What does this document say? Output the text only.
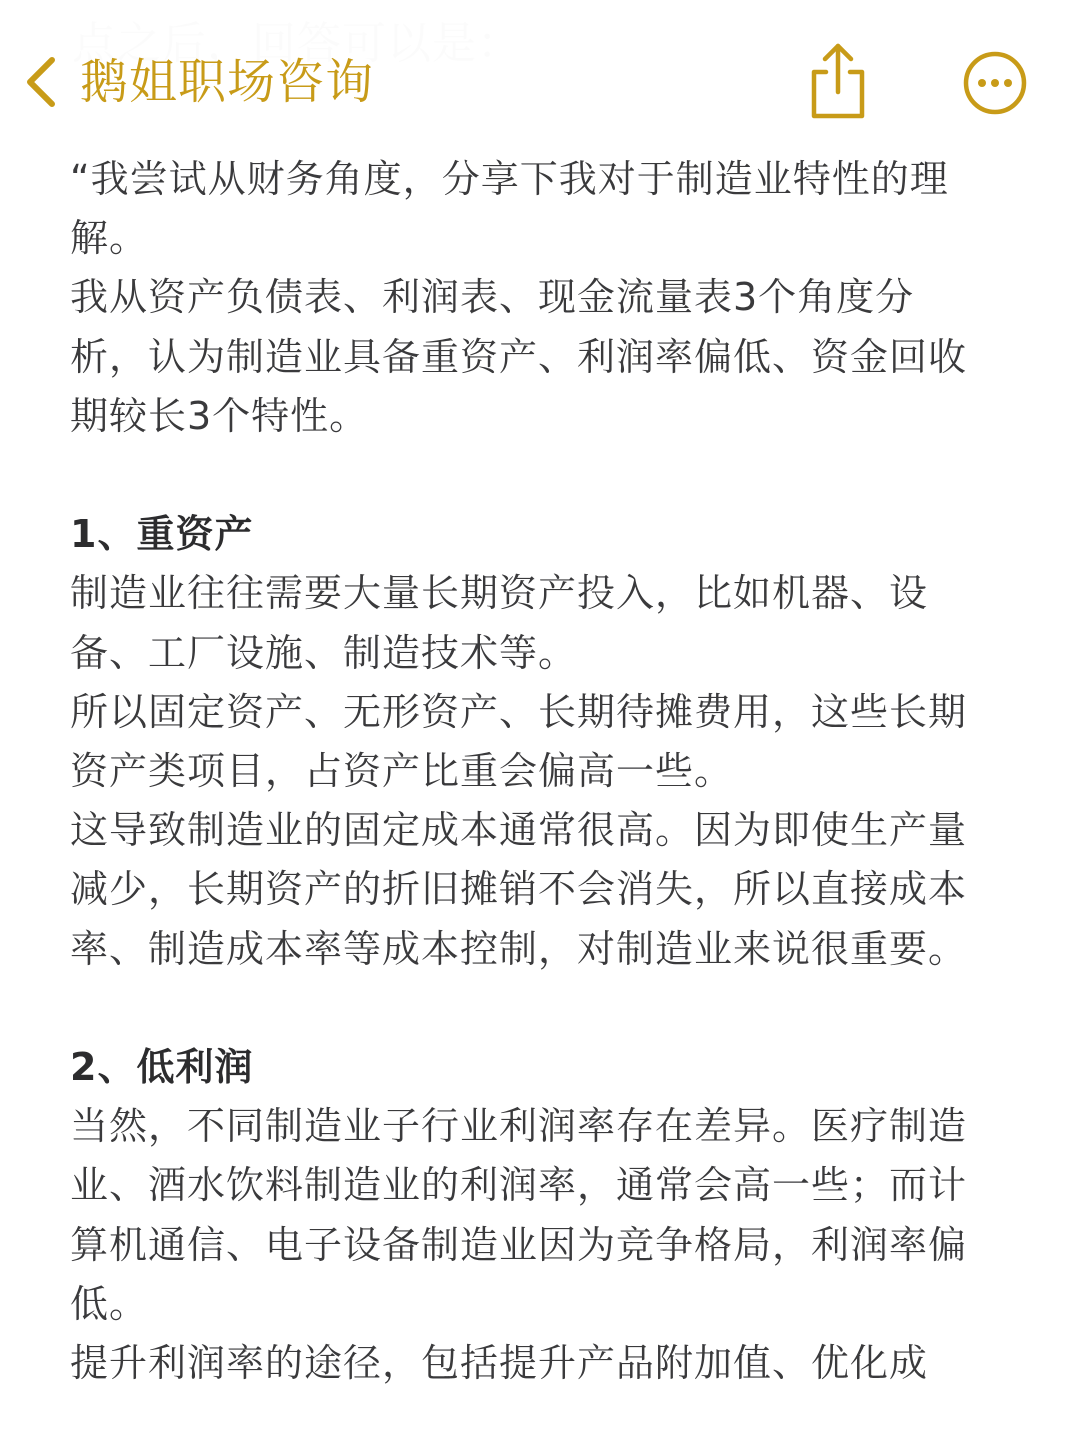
鹅姐职场咨询

“我尝试从财务角度，分享下我对于制造业特性的理解。

我从资产负债表、利润表、现金流量表3个角度分析，认为制造业具备重资产、利润率偏低、资金回收期较长3个特性。

1、重资产

制造业往往需要大量长期资产投入，比如机器、设备、工厂设施、制造技术等。

所以固定资产、无形资产、长期待摊费用，这些长期资产类项目，占资产比重会偏高一些。

这导致制造业的固定成本通常很高。因为即使生产量减少，长期资产的折旧摊销不会消失，所以直接成本率、制造成本率等成本控制，对制造业来说很重要。

2、低利润

当然，不同制造业子行业利润率存在差异。医疗制造业、酒水饮料制造业的利润率，通常会高一些；而计算机通信、电子设备制造业因为竞争格局，利润率偏低。

提升利润率的途径，包括提升产品附加值、优化成
